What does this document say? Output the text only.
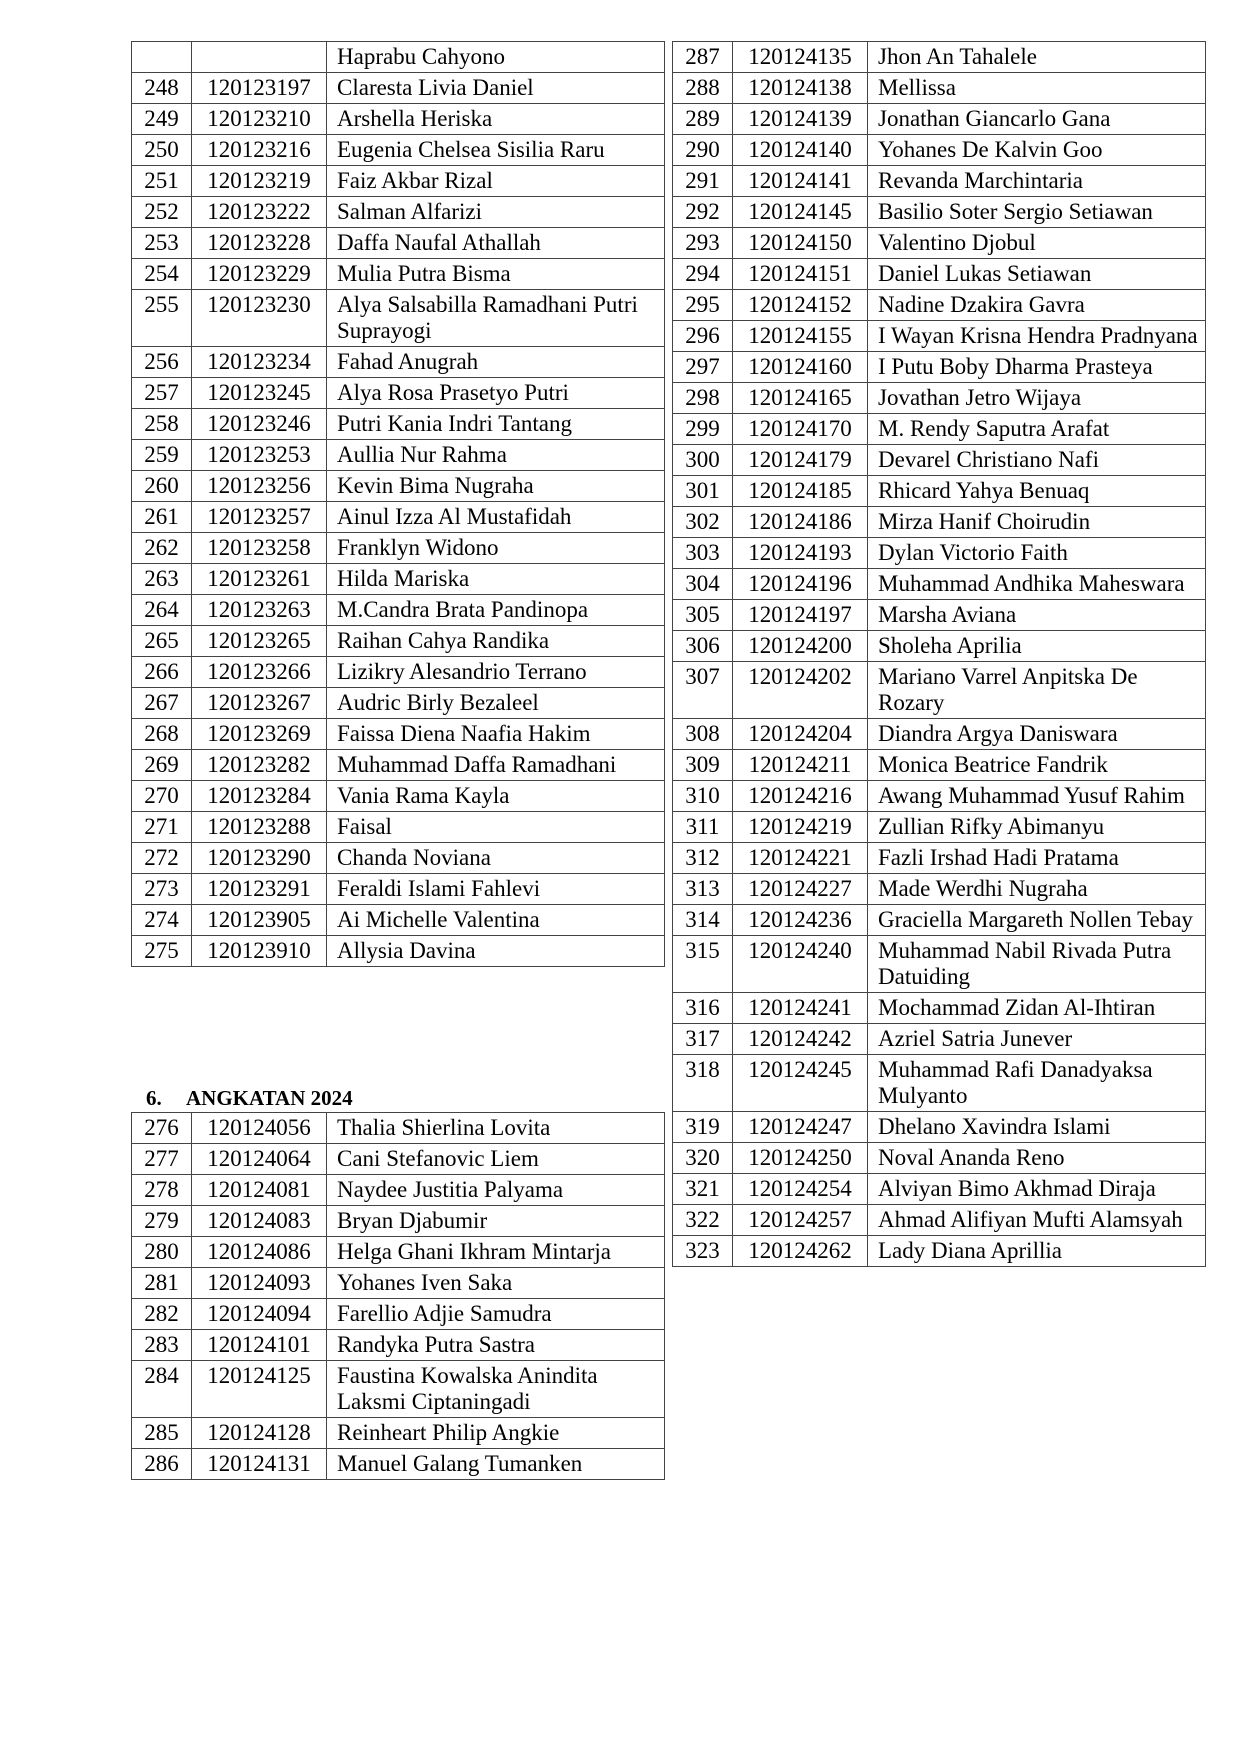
		Haprabu Cahyono
248	120123197	Claresta Livia Daniel
249	120123210	Arshella Heriska
250	120123216	Eugenia Chelsea Sisilia Raru
251	120123219	Faiz Akbar Rizal
252	120123222	Salman Alfarizi
253	120123228	Daffa Naufal Athallah
254	120123229	Mulia Putra Bisma
255	120123230	Alya Salsabilla Ramadhani Putri Suprayogi
256	120123234	Fahad Anugrah
257	120123245	Alya Rosa Prasetyo Putri
258	120123246	Putri Kania Indri Tantang
259	120123253	Aullia Nur Rahma
260	120123256	Kevin Bima Nugraha
261	120123257	Ainul Izza Al Mustafidah
262	120123258	Franklyn Widono
263	120123261	Hilda Mariska
264	120123263	M.Candra Brata Pandinopa
265	120123265	Raihan Cahya Randika
266	120123266	Lizikry Alesandrio Terrano
267	120123267	Audric Birly Bezaleel
268	120123269	Faissa Diena Naafia Hakim
269	120123282	Muhammad Daffa Ramadhani
270	120123284	Vania Rama Kayla
271	120123288	Faisal
272	120123290	Chanda Noviana
273	120123291	Feraldi Islami Fahlevi
274	120123905	Ai Michelle Valentina
275	120123910	Allysia Davina
6. ANGKATAN 2024
276	120124056	Thalia Shierlina Lovita
277	120124064	Cani Stefanovic Liem
278	120124081	Naydee Justitia Palyama
279	120124083	Bryan Djabumir
280	120124086	Helga Ghani Ikhram Mintarja
281	120124093	Yohanes Iven Saka
282	120124094	Farellio Adjie Samudra
283	120124101	Randyka Putra Sastra
284	120124125	Faustina Kowalska Anindita Laksmi Ciptaningadi
285	120124128	Reinheart Philip Angkie
286	120124131	Manuel Galang Tumanken
287	120124135	Jhon An Tahalele
288	120124138	Mellissa
289	120124139	Jonathan Giancarlo Gana
290	120124140	Yohanes De Kalvin Goo
291	120124141	Revanda Marchintaria
292	120124145	Basilio Soter Sergio Setiawan
293	120124150	Valentino Djobul
294	120124151	Daniel Lukas Setiawan
295	120124152	Nadine Dzakira Gavra
296	120124155	I Wayan Krisna Hendra Pradnyana
297	120124160	I Putu Boby Dharma Prasteya
298	120124165	Jovathan Jetro Wijaya
299	120124170	M. Rendy Saputra Arafat
300	120124179	Devarel Christiano Nafi
301	120124185	Rhicard Yahya Benuaq
302	120124186	Mirza Hanif Choirudin
303	120124193	Dylan Victorio Faith
304	120124196	Muhammad Andhika Maheswara
305	120124197	Marsha Aviana
306	120124200	Sholeha Aprilia
307	120124202	Mariano Varrel Anpitska De Rozary
308	120124204	Diandra Argya Daniswara
309	120124211	Monica Beatrice Fandrik
310	120124216	Awang Muhammad Yusuf Rahim
311	120124219	Zullian Rifky Abimanyu
312	120124221	Fazli Irshad Hadi Pratama
313	120124227	Made Werdhi Nugraha
314	120124236	Graciella Margareth Nollen Tebay
315	120124240	Muhammad Nabil Rivada Putra Datuiding
316	120124241	Mochammad Zidan Al-Ihtiran
317	120124242	Azriel Satria Junever
318	120124245	Muhammad Rafi Danadyaksa Mulyanto
319	120124247	Dhelano Xavindra Islami
320	120124250	Noval Ananda Reno
321	120124254	Alviyan Bimo Akhmad Diraja
322	120124257	Ahmad Alifiyan Mufti Alamsyah
323	120124262	Lady Diana Aprillia
